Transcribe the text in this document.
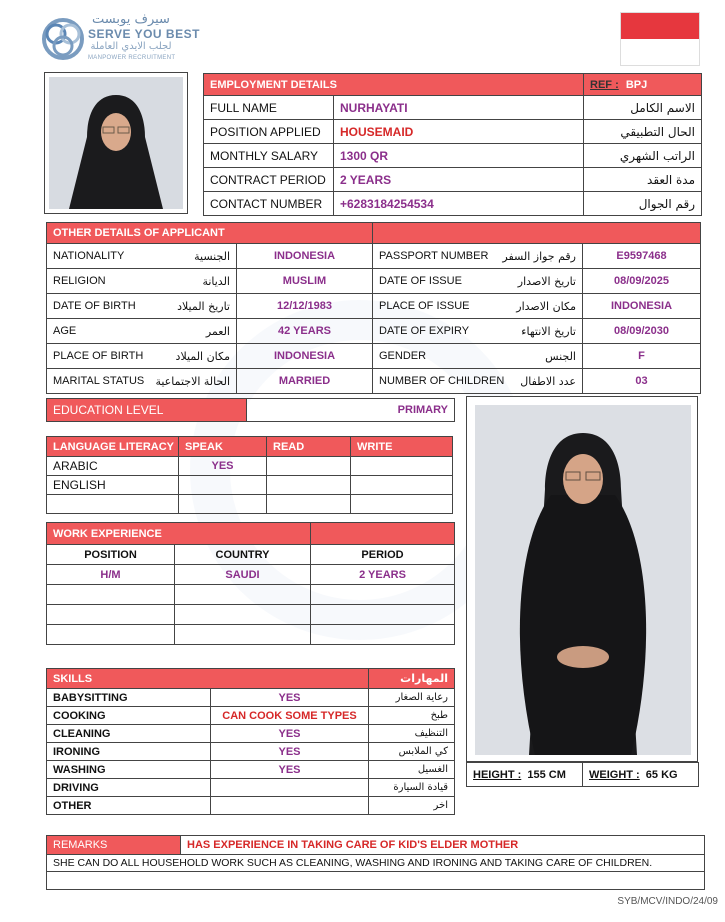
سيرف يوبست
SERVE YOU BEST
لجلب الايدي العاملة
MANPOWER RECRUITMENT
EMPLOYMENT DETAILS		REF : BPJ
FULL NAME	NURHAYATI	الاسم الكامل
POSITION APPLIED	HOUSEMAID	الحال التطبيقي
MONTHLY SALARY	1300 QR	الراتب الشهري
CONTRACT PERIOD	2 YEARS	مدة العقد
CONTACT NUMBER	+6283184254534	رقم الجوال
OTHER DETAILS OF APPLICANT					
NATIONALITY	الجنسية	INDONESIA	PASSPORT NUMBER	رقم جواز السفر	E9597468
RELIGION	الديانة	MUSLIM	DATE OF ISSUE	تاريخ الاصدار	08/09/2025
DATE OF BIRTH	تاريخ الميلاد	12/12/1983	PLACE OF ISSUE	مكان الاصدار	INDONESIA
AGE	العمر	42 YEARS	DATE OF EXPIRY	تاريخ الانتهاء	08/09/2030
PLACE OF BIRTH	مكان الميلاد	INDONESIA	GENDER	الجنس	F
MARITAL STATUS	الحالة الاجتماعية	MARRIED	NUMBER OF CHILDREN	عدد الاطفال	03
EDUCATION LEVEL	PRIMARY
LANGUAGE LITERACY	SPEAK	READ	WRITE
ARABIC	YES		
ENGLISH			

WORK EXPERIENCE		
POSITION	COUNTRY	PERIOD
H/M	SAUDI	2 YEARS

SKILLS		المهارات
BABYSITTING	YES	رعاية الصغار
COOKING	CAN COOK SOME TYPES	طبخ
CLEANING	YES	التنظيف
IRONING	YES	كي الملابس
WASHING	YES	الغسيل
DRIVING		قيادة السيارة
OTHER		اخر
HEIGHT : 155 CM	WEIGHT : 65 KG
REMARKS	HAS EXPERIENCE IN TAKING CARE OF KID'S ELDER MOTHER
SHE CAN DO ALL HOUSEHOLD WORK SUCH AS CLEANING, WASHING AND IRONING AND TAKING CARE OF CHILDREN.

SYB/MCV/INDO/24/09
